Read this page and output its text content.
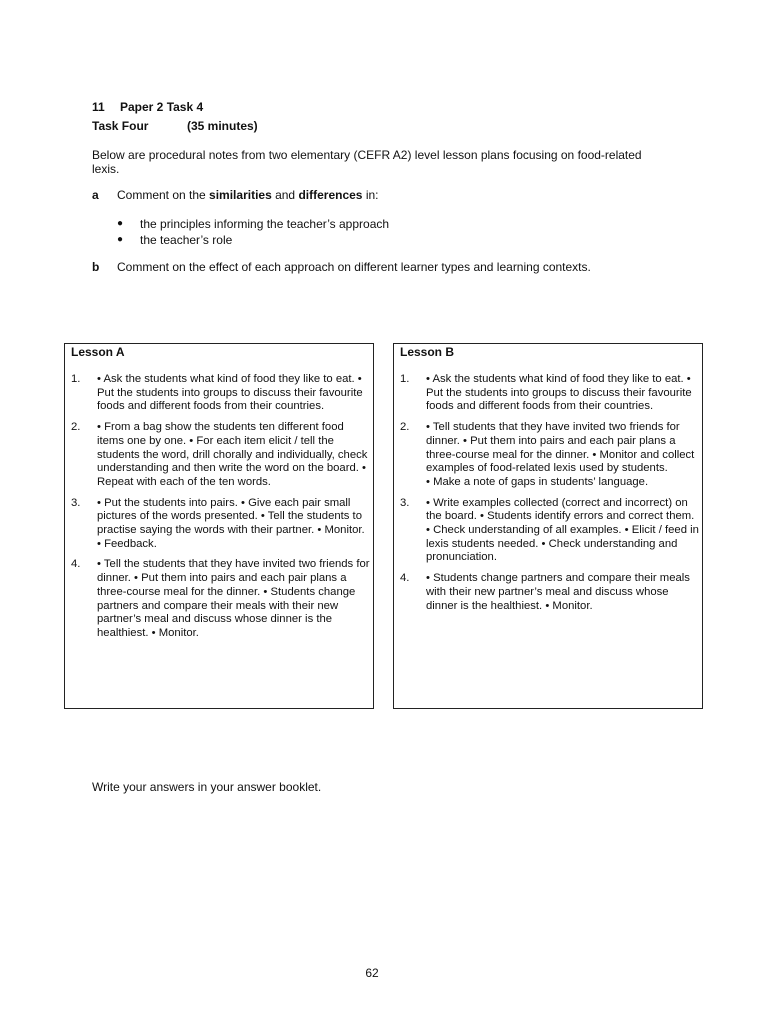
11 Paper 2 Task 4
Task Four	(35 minutes)
Below are procedural notes from two elementary (CEFR A2) level lesson plans focusing on food-related lexis.
a Comment on the similarities and differences in:
●	the principles informing the teacher’s approach
●	the teacher’s role
b Comment on the effect of each approach on different learner types and learning contexts.
Lesson A
1.	• Ask the students what kind of food they like to eat. • Put the students into groups to discuss their favourite foods and different foods from their countries.
2.	• From a bag show the students ten different food items one by one. • For each item elicit / tell the students the word, drill chorally and individually, check understanding and then write the word on the board. • Repeat with each of the ten words.
3.	• Put the students into pairs. • Give each pair small pictures of the words presented. • Tell the students to practise saying the words with their partner. • Monitor.
• Feedback.
4.	• Tell the students that they have invited two friends for dinner. • Put them into pairs and each pair plans a three-course meal for the dinner. • Students change partners and compare their meals with their new partner’s meal and discuss whose dinner is the healthiest. • Monitor.
Lesson B
1.	• Ask the students what kind of food they like to eat. • Put the students into groups to discuss their favourite foods and different foods from their countries.
2.	• Tell students that they have invited two friends for dinner. • Put them into pairs and each pair plans a three-course meal for the dinner. • Monitor and collect examples of food-related lexis used by students.
• Make a note of gaps in students’ language.
3.	• Write examples collected (correct and incorrect) on the board. • Students identify errors and correct them. • Check understanding of all examples. • Elicit / feed in lexis students needed. • Check understanding and pronunciation.
4.	• Students change partners and compare their meals with their new partner’s meal and discuss whose dinner is the healthiest. • Monitor.
Write your answers in your answer booklet.
62
